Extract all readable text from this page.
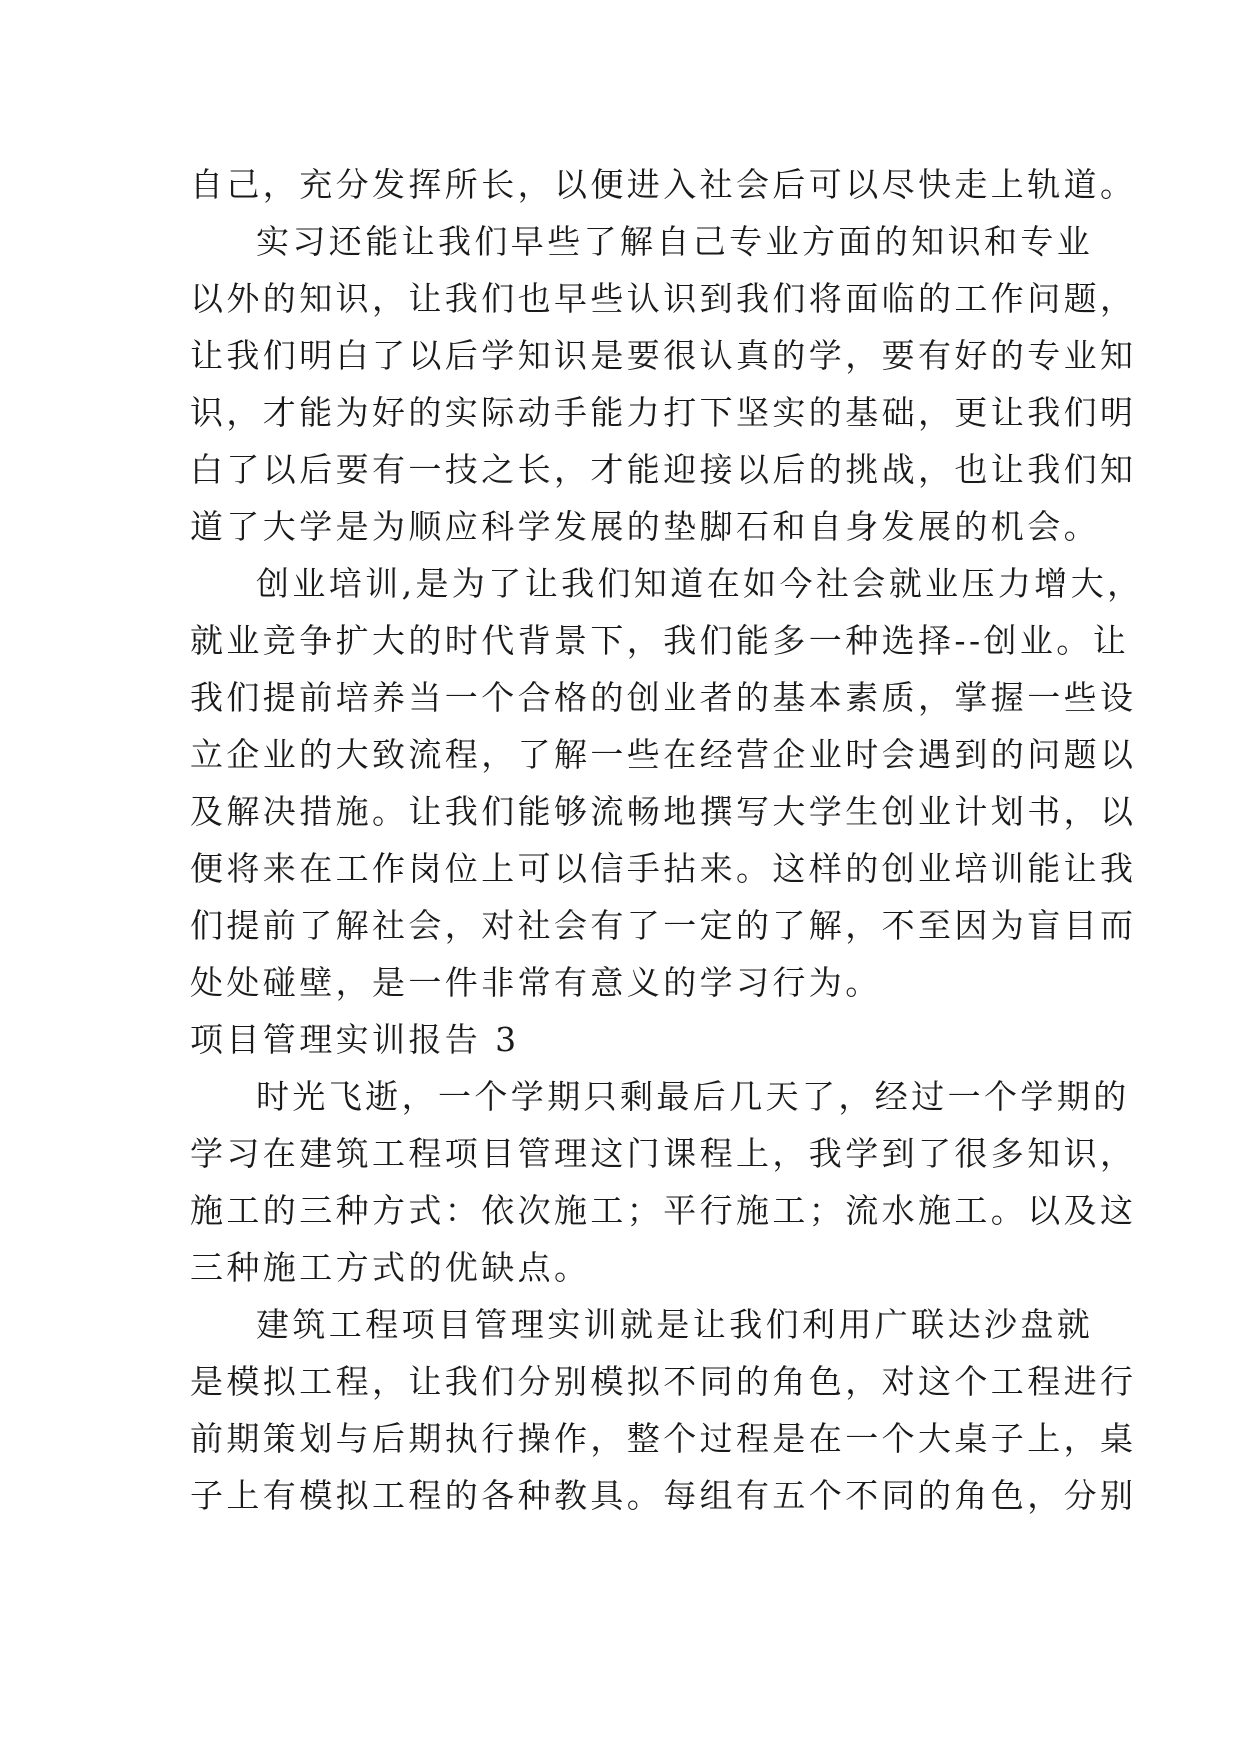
自己，充分发挥所长，以便进入社会后可以尽快走上轨道。
实习还能让我们早些了解自己专业方面的知识和专业
以外的知识，让我们也早些认识到我们将面临的工作问题，
让我们明白了以后学知识是要很认真的学，要有好的专业知
识，才能为好的实际动手能力打下坚实的基础，更让我们明
白了以后要有一技之长，才能迎接以后的挑战，也让我们知
道了大学是为顺应科学发展的垫脚石和自身发展的机会。
创业培训,是为了让我们知道在如今社会就业压力增大，
就业竞争扩大的时代背景下，我们能多一种选择--创业。让
我们提前培养当一个合格的创业者的基本素质，掌握一些设
立企业的大致流程，了解一些在经营企业时会遇到的问题以
及解决措施。让我们能够流畅地撰写大学生创业计划书，以
便将来在工作岗位上可以信手拈来。这样的创业培训能让我
们提前了解社会，对社会有了一定的了解，不至因为盲目而
处处碰壁，是一件非常有意义的学习行为。
项目管理实训报告 3
时光飞逝，一个学期只剩最后几天了，经过一个学期的
学习在建筑工程项目管理这门课程上，我学到了很多知识，
施工的三种方式：依次施工；平行施工；流水施工。以及这
三种施工方式的优缺点。
建筑工程项目管理实训就是让我们利用广联达沙盘就
是模拟工程，让我们分别模拟不同的角色，对这个工程进行
前期策划与后期执行操作，整个过程是在一个大桌子上，桌
子上有模拟工程的各种教具。每组有五个不同的角色，分别
